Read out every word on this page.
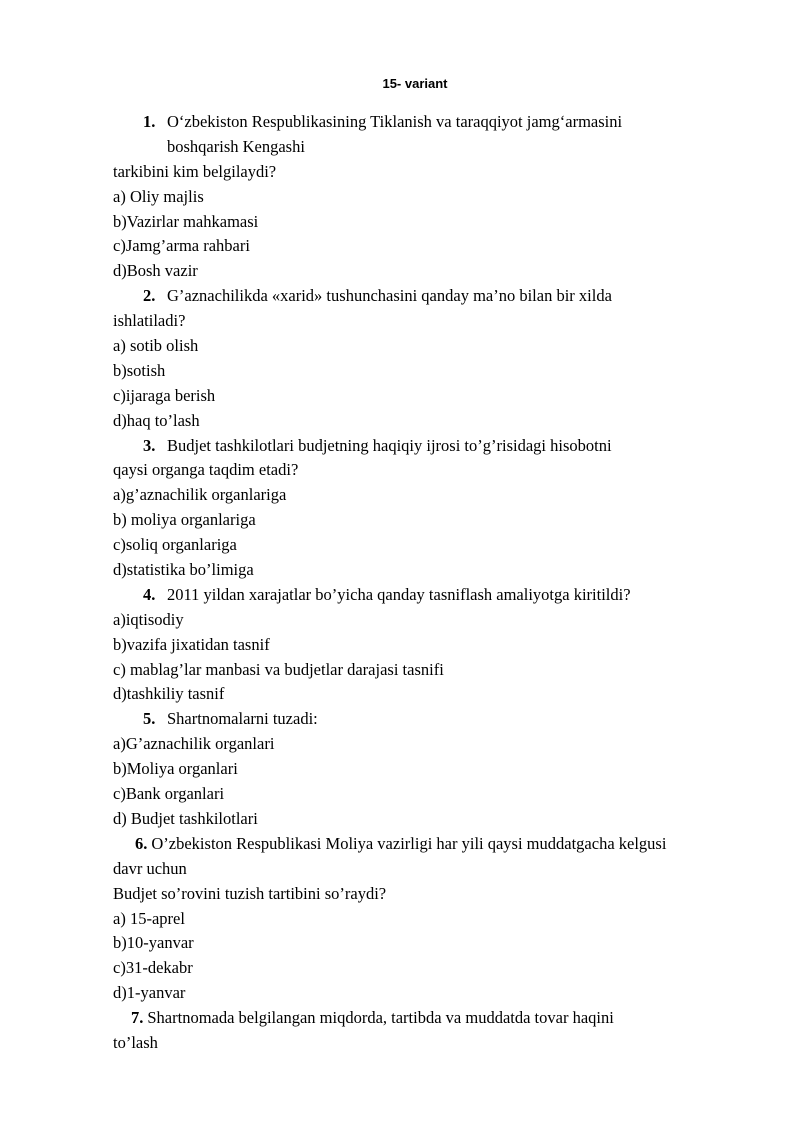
15- variant
1. O‘zbekiston Respublikasining Tiklanish va taraqqiyot jamg‘armasini
boshqarish Kengashi
tarkibini kim belgilaydi?
a) Oliy majlis
b)Vazirlar mahkamasi
c)Jamg’arma rahbari
d)Bosh vazir
2. G’aznachilikda «xarid» tushunchasini qanday ma’no bilan bir xilda
ishlatiladi?
a) sotib olish
b)sotish
c)ijaraga berish
d)haq to’lash
3. Budjet tashkilotlari budjetning haqiqiy ijrosi to’g’risidagi hisobotni
qaysi organga taqdim etadi?
a)g’aznachilik organlariga
b) moliya organlariga
c)soliq organlariga
d)statistika bo’limiga
4. 2011 yildan xarajatlar bo’yicha qanday tasniflash amaliyotga kiritildi?
a)iqtisodiy
b)vazifa jixatidan tasnif
c) mablag’lar manbasi va budjetlar darajasi tasnifi
d)tashkiliy tasnif
5. Shartnomalarni tuzadi:
a)G’aznachilik organlari
b)Moliya organlari
c)Bank organlari
d) Budjet tashkilotlari
6. O’zbekiston Respublikasi Moliya vazirligi har yili qaysi muddatgacha kelgusi
davr uchun
Budjet so’rovini tuzish tartibini so’raydi?
a) 15-aprel
b)10-yanvar
c)31-dekabr
d)1-yanvar
7. Shartnomada belgilangan miqdorda, tartibda va muddatda tovar haqini
to’lash
